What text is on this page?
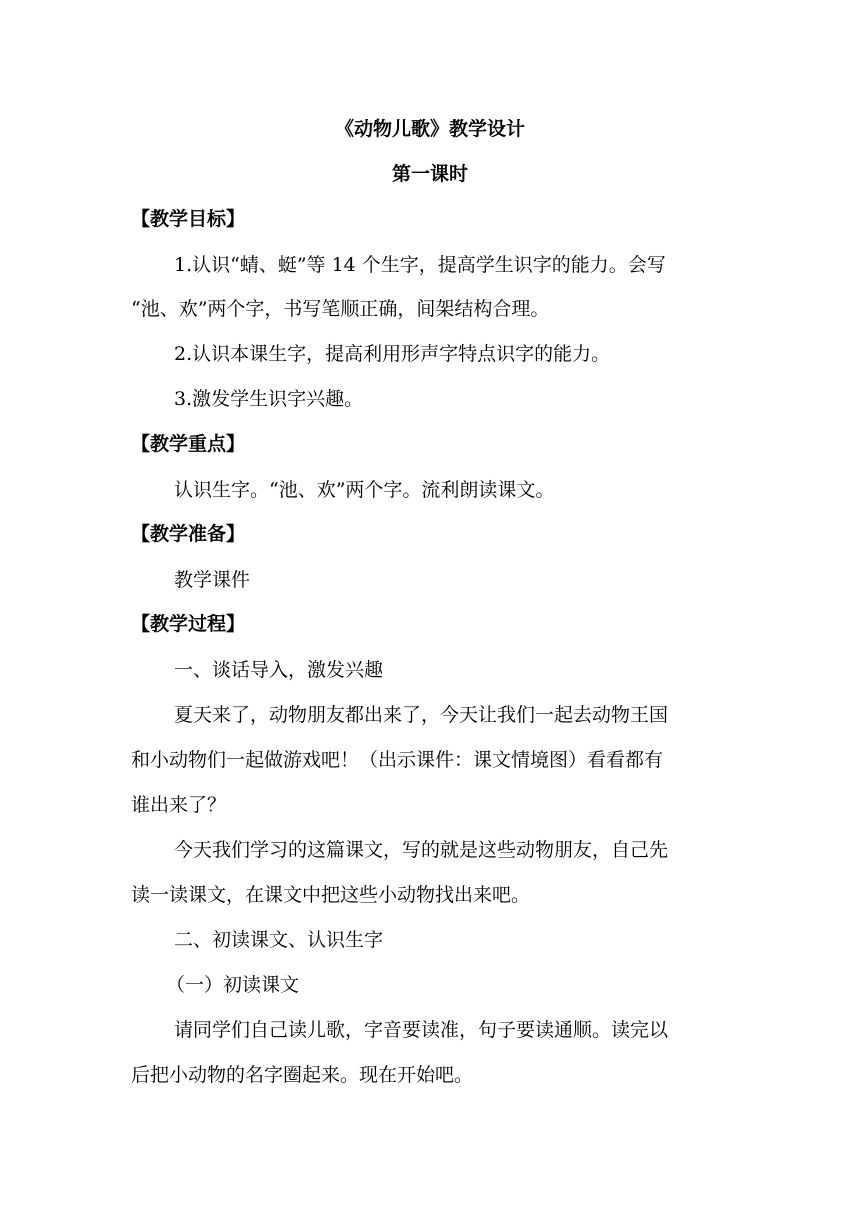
《动物儿歌》教学设计
第一课时
【教学目标】
1.认识“蜻、蜓”等 14 个生字，提高学生识字的能力。会写
“池、欢”两个字，书写笔顺正确，间架结构合理。
2.认识本课生字，提高利用形声字特点识字的能力。
3.激发学生识字兴趣。
【教学重点】
认识生字。“池、欢”两个字。流利朗读课文。
【教学准备】
教学课件
【教学过程】
一、谈话导入，激发兴趣
夏天来了，动物朋友都出来了，今天让我们一起去动物王国
和小动物们一起做游戏吧！（出示课件：课文情境图）看看都有
谁出来了？
今天我们学习的这篇课文，写的就是这些动物朋友，自己先
读一读课文，在课文中把这些小动物找出来吧。
二、初读课文、认识生字
（一）初读课文
请同学们自己读儿歌，字音要读准，句子要读通顺。读完以
后把小动物的名字圈起来。现在开始吧。
